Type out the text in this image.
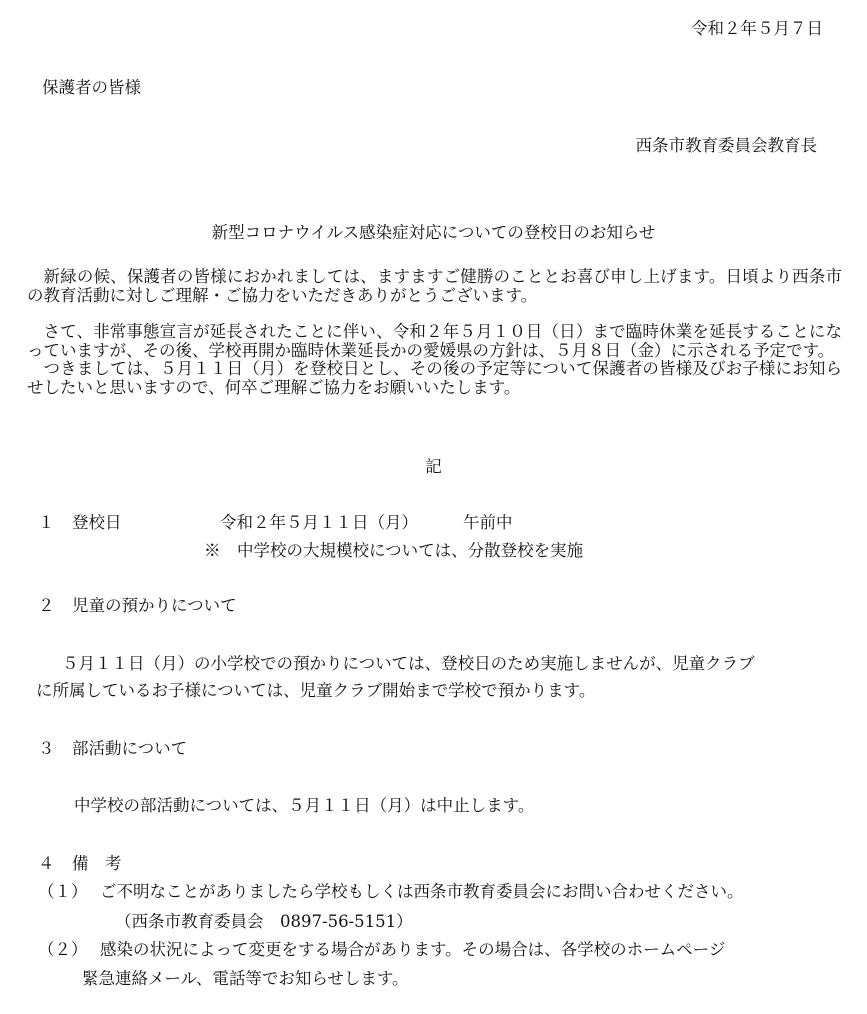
令和２年５月７日
保護者の皆様
西条市教育委員会教育長
新型コロナウイルス感染症対応についての登校日のお知らせ
新緑の候、保護者の皆様におかれましては、ますますご健勝のこととお喜び申し上げます。日頃より西条市の教育活動に対しご理解・ご協力をいただきありがとうございます。
さて、非常事態宣言が延長されたことに伴い、令和２年５月１０日（日）まで臨時休業を延長することになっていますが、その後、学校再開か臨時休業延長かの愛媛県の方針は、５月８日（金）に示される予定です。
つきましては、５月１１日（月）を登校日とし、その後の予定等について保護者の皆様及びお子様にお知らせしたいと思いますので、何卒ご理解ご協力をお願いいたします。
記
１ 登校日	令和２年５月１１日（月）	午前中
※　中学校の大規模校については、分散登校を実施
２ 児童の預かりについて
５月１１日（月）の小学校での預かりについては、登校日のため実施しませんが、児童クラブ
に所属しているお子様については、児童クラブ開始まで学校で預かります。
３ 部活動について
中学校の部活動については、５月１１日（月）は中止します。
４ 備　考
（１） ご不明なことがありましたら学校もしくは西条市教育委員会にお問い合わせください。
（西条市教育委員会　0897-56-5151）
（２） 感染の状況によって変更をする場合があります。その場合は、各学校のホームページ
緊急連絡メール、電話等でお知らせします。
